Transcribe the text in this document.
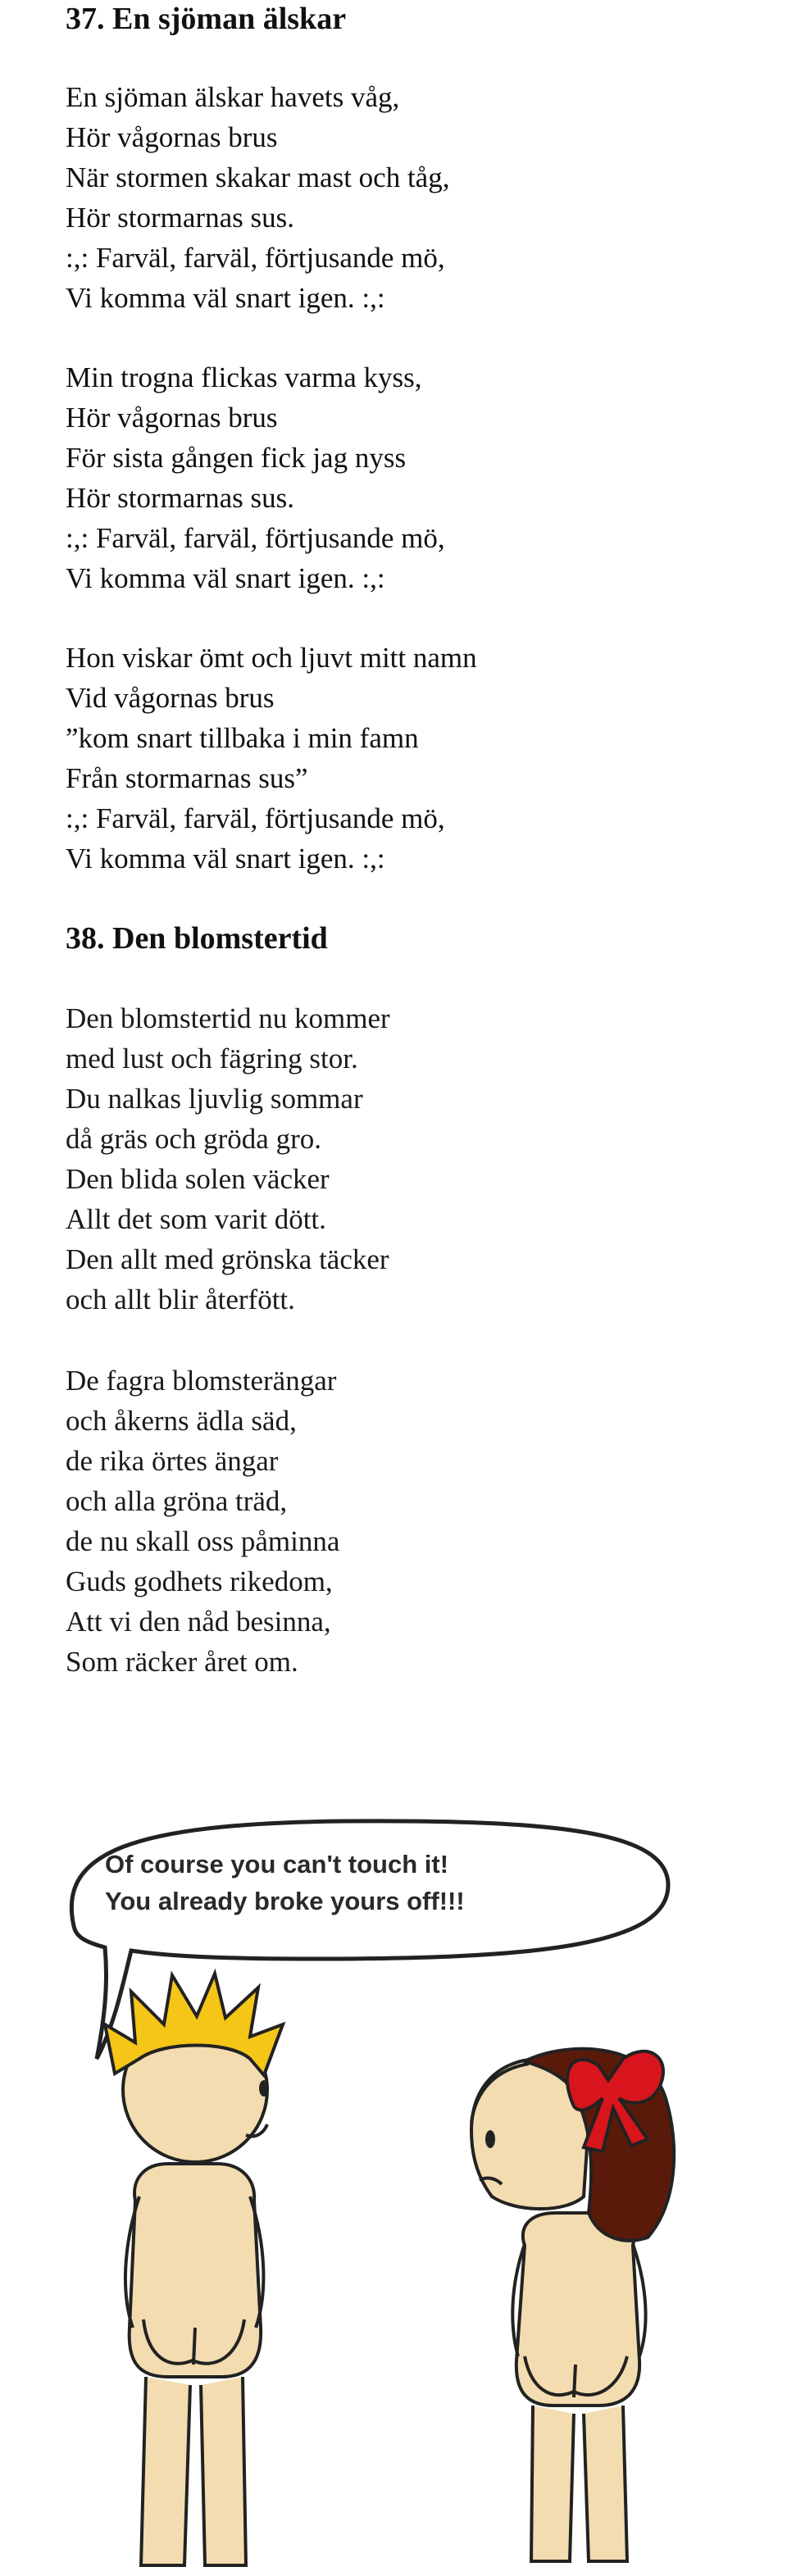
37. En sjöman älskar
En sjöman älskar havets våg,
Hör vågornas brus
När stormen skakar mast och tåg,
Hör stormarnas sus.
:,: Farväl, farväl, förtjusande mö,
Vi komma väl snart igen. :,:
Min trogna flickas varma kyss,
Hör vågornas brus
För sista gången fick jag nyss
Hör stormarnas sus.
:,: Farväl, farväl, förtjusande mö,
Vi komma väl snart igen. :,:
Hon viskar ömt och ljuvt mitt namn
Vid vågornas brus
”kom snart tillbaka i min famn
Från stormarnas sus”
:,: Farväl, farväl, förtjusande mö,
Vi komma väl snart igen. :,:
38. Den blomstertid
Den blomstertid nu kommer
med lust och fägring stor.
Du nalkas ljuvlig sommar
då gräs och gröda gro.
Den blida solen väcker
Allt det som varit dött.
Den allt med grönska täcker
och allt blir återfött.
De fagra blomsterängar
och åkerns ädla säd,
de rika örtes ängar
och alla gröna träd,
de nu skall oss påminna
Guds godhets rikedom,
Att vi den nåd besinna,
Som räcker året om.
Of course you can't touch it!
You already broke yours off!!!
